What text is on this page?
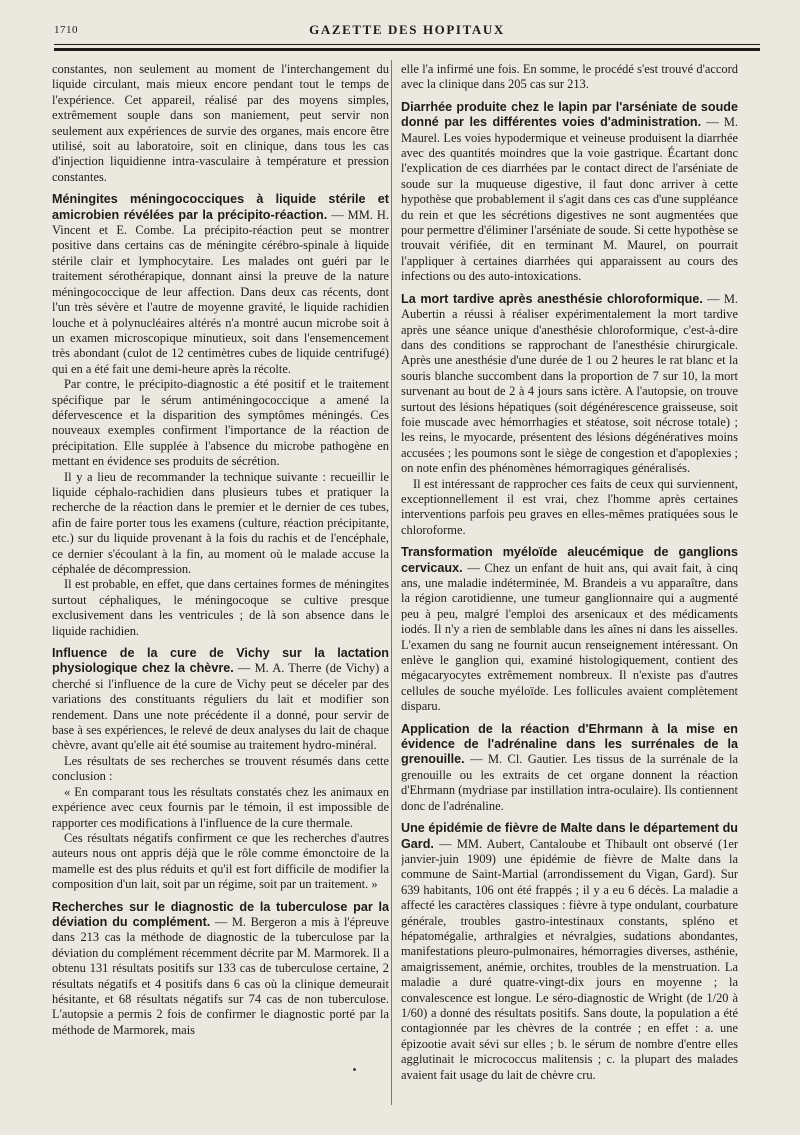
1710	GAZETTE DES HOPITAUX

constantes, non seulement au moment de l'interchangement du liquide circulant, mais mieux encore pendant tout le temps de l'expérience. Cet appareil, réalisé par des moyens simples, extrêmement souple dans son maniement, peut servir non seulement aux expériences de survie des organes, mais encore être utilisé, soit au laboratoire, soit en clinique, dans tous les cas d'injection liquidienne intra-vasculaire à température et pression constantes.

Méningites méningococciques à liquide stérile et amicrobien révélées par la précipito-réaction.

— MM. H. Vincent et E. Combe. La précipito-réaction peut se montrer positive dans certains cas de méningite cérébro-spinale à liquide stérile clair et lymphocytaire. Les malades ont guéri par le traitement sérothérapique, donnant ainsi la preuve de la nature méningococcique de leur affection. Dans deux cas récents, dont l'un très sévère et l'autre de moyenne gravité, le liquide rachidien louche et à polynucléaires altérés n'a montré aucun microbe soit à un examen microscopique minutieux, soit dans l'ensemencement très abondant (culot de 12 centimètres cubes de liquide centrifugé) qui en a été fait une demi-heure après la récolte.

Par contre, le précipito-diagnostic a été positif et le traitement spécifique par le sérum antiméningococcique a amené la défervescence et la disparition des symptômes méningés. Ces nouveaux exemples confirment l'importance de la réaction de précipitation. Elle supplée à l'absence du microbe pathogène en mettant en évidence ses produits de sécrétion.

Il y a lieu de recommander la technique suivante : recueillir le liquide céphalo-rachidien dans plusieurs tubes et pratiquer la recherche de la réaction dans le premier et le dernier de ces tubes, afin de faire porter tous les examens (culture, réaction précipitante, etc.) sur du liquide provenant à la fois du rachis et de l'encéphale, ce dernier s'écoulant à la fin, au moment où le malade accuse la céphalée de décompression.

Il est probable, en effet, que dans certaines formes de méningites surtout céphaliques, le méningocoque se cultive presque exclusivement dans les ventricules ; de là son absence dans le liquide rachidien.

Influence de la cure de Vichy sur la lactation physiologique chez la chèvre.

— M. A. Therre (de Vichy) a cherché si l'influence de la cure de Vichy peut se déceler par des variations des constituants réguliers du lait et modifier son rendement. Dans une note précédente il a donné, pour servir de base à ses expériences, le relevé de deux analyses du lait de chaque chèvre, avant qu'elle ait été soumise au traitement hydro-minéral.

Les résultats de ses recherches se trouvent résumés dans cette conclusion :

« En comparant tous les résultats constatés chez les animaux en expérience avec ceux fournis par le témoin, il est impossible de rapporter ces modifications à l'influence de la cure thermale.

Ces résultats négatifs confirment ce que les recherches d'autres auteurs nous ont appris déjà que le rôle comme émonctoire de la mamelle est des plus réduits et qu'il est fort difficile de modifier la composition d'un lait, soit par un régime, soit par un traitement. »

Recherches sur le diagnostic de la tuberculose par la déviation du complément.

— M. Bergeron a mis à l'épreuve dans 213 cas la méthode de diagnostic de la tuberculose par la déviation du complément récemment décrite par M. Marmorek. Il a obtenu 131 résultats positifs sur 133 cas de tuberculose certaine, 2 résultats négatifs et 4 positifs dans 6 cas où la clinique demeurait hésitante, et 68 résultats négatifs sur 74 cas de non tuberculose. L'autopsie a permis 2 fois de confirmer le diagnostic porté par la méthode de Marmorek, mais

elle l'a infirmé une fois. En somme, le procédé s'est trouvé d'accord avec la clinique dans 205 cas sur 213.

Diarrhée produite chez le lapin par l'arséniate de soude donné par les différentes voies d'administration.

— M. Maurel. Les voies hypodermique et veineuse produisent la diarrhée avec des quantités moindres que la voie gastrique. Écartant donc l'explication de ces diarrhées par le contact direct de l'arséniate de soude sur la muqueuse digestive, il faut donc arriver à cette hypothèse que probablement il s'agit dans ces cas d'une suppléance du rein et que les sécrétions digestives ne sont augmentées que pour permettre d'éliminer l'arséniate de soude. Si cette hypothèse se trouvait vérifiée, dit en terminant M. Maurel, on pourrait l'appliquer à certaines diarrhées qui apparaissent au cours des infections ou des auto-intoxications.

La mort tardive après anesthésie chloroformique.

— M. Aubertin a réussi à réaliser expérimentalement la mort tardive après une séance unique d'anesthésie chloroformique, c'est-à-dire dans des conditions se rapprochant de l'anesthésie chirurgicale. Après une anesthésie d'une durée de 1 ou 2 heures le rat blanc et la souris blanche succombent dans la proportion de 7 sur 10, la mort survenant au bout de 2 à 4 jours sans ictère. A l'autopsie, on trouve surtout des lésions hépatiques (soit dégénérescence graisseuse, soit foie muscade avec hémorrhagies et stéatose, soit nécrose totale) ; les reins, le myocarde, présentent des lésions dégénératives moins accusées ; les poumons sont le siège de congestion et d'apoplexies ; on note enfin des phénomènes hémorragiques généralisés.

Il est intéressant de rapprocher ces faits de ceux qui surviennent, exceptionnellement il est vrai, chez l'homme après certaines interventions parfois peu graves en elles-mêmes pratiquées sous le chloroforme.

Transformation myéloïde aleucémique de ganglions cervicaux.

— Chez un enfant de huit ans, qui avait fait, à cinq ans, une maladie indéterminée, M. Brandeis a vu apparaître, dans la région carotidienne, une tumeur ganglionnaire qui a augmenté peu à peu, malgré l'emploi des arsenicaux et des médicaments iodés. Il n'y a rien de semblable dans les aînes ni dans les aisselles. L'examen du sang ne fournit aucun renseignement intéressant. On enlève le ganglion qui, examiné histologiquement, contient des mégacaryocytes extrêmement nombreux. Il n'existe pas d'autres cellules de souche myéloïde. Les follicules avaient complètement disparu.

Application de la réaction d'Ehrmann à la mise en évidence de l'adrénaline dans les surrénales de la grenouille.

— M. Cl. Gautier. Les tissus de la surrénale de la grenouille ou les extraits de cet organe donnent la réaction d'Ehrmann (mydriase par instillation intra-oculaire). Ils contiennent donc de l'adrénaline.

Une épidémie de fièvre de Malte dans le département du Gard.

— MM. Aubert, Cantaloube et Thibault ont observé (1er janvier-juin 1909) une épidémie de fièvre de Malte dans la commune de Saint-Martial (arrondissement du Vigan, Gard). Sur 639 habitants, 106 ont été frappés ; il y a eu 6 décès. La maladie a affecté les caractères classiques : fièvre à type ondulant, courbature générale, troubles gastro-intestinaux constants, spléno et hépatomégalie, arthralgies et névralgies, sudations abondantes, manifestations pleuro-pulmonaires, hémorragies diverses, asthénie, amaigrissement, anémie, orchites, troubles de la menstruation. La maladie a duré quatre-vingt-dix jours en moyenne ; la convalescence est longue. Le séro-diagnostic de Wright (de 1/20 à 1/60) a donné des résultats positifs. Sans doute, la population a été contagionnée par les chèvres de la contrée ; en effet : a. une épizootie avait sévi sur elles ; b. le sérum de nombre d'entre elles agglutinait le micrococcus malitensis ; c. la plupart des malades avaient fait usage du lait de chèvre cru.
